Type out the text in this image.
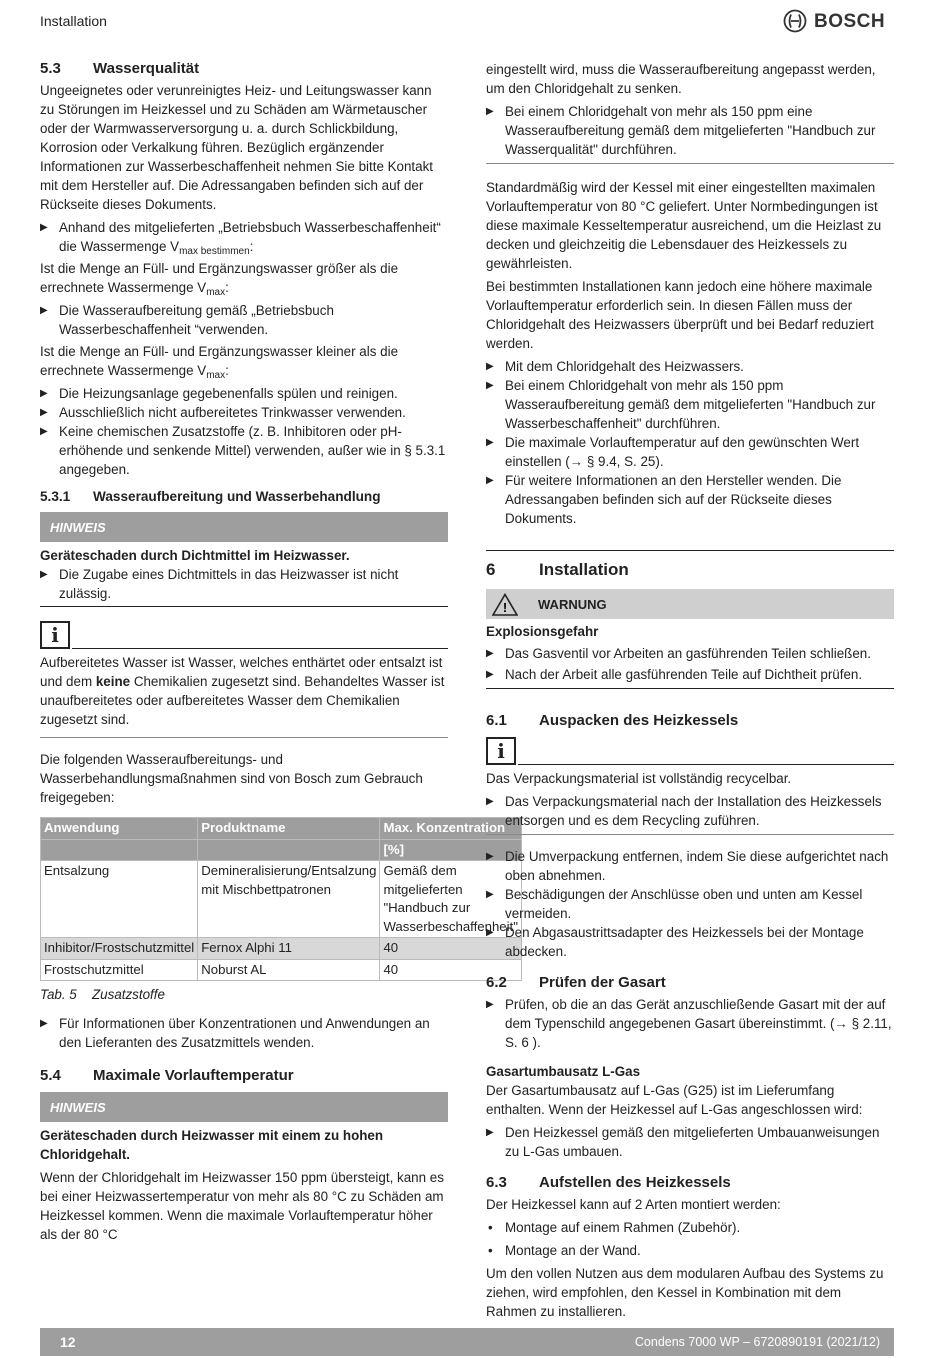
Installation	BOSCH
5.3	Wasserqualität

Ungeeignetes oder verunreinigtes Heiz- und Leitungswasser kann zu Störungen im Heizkessel und zu Schäden am Wärmetauscher oder der Warmwasserversorgung u. a. durch Schlickbildung, Korrosion oder Verkalkung führen. Bezüglich ergänzender Informationen zur Wasserbeschaffenheit nehmen Sie bitte Kontakt mit dem Hersteller auf. Die Adressangaben befinden sich auf der Rückseite dieses Dokuments.

▶ Anhand des mitgelieferten „Betriebsbuch Wasserbeschaffenheit“ die Wassermenge $V_{max bestimmen}$:

Ist die Menge an Füll- und Ergänzungswasser größer als die errechnete Wassermenge $V_{max}$:

▶ Die Wasseraufbereitung gemäß „Betriebsbuch Wasserbeschaffenheit “verwenden.

Ist die Menge an Füll- und Ergänzungswasser kleiner als die errechnete Wassermenge $V_{max}$:

▶ Die Heizungsanlage gegebenenfalls spülen und reinigen.
▶ Ausschließlich nicht aufbereitetes Trinkwasser verwenden.
▶ Keine chemischen Zusatzstoffe (z. B. Inhibitoren oder pH-erhöhende und senkende Mittel) verwenden, außer wie in § 5.3.1 angegeben.
5.3.1	Wasseraufbereitung und Wasserbehandlung
HINWEIS
Geräteschaden durch Dichtmittel im Heizwasser.
▶ Die Zugabe eines Dichtmittels in das Heizwasser ist nicht zulässig.
i

Aufbereitetes Wasser ist Wasser, welches enthärtet oder entsalzt ist und dem keine Chemikalien zugesetzt sind. Behandeltes Wasser ist unaufbereitetes oder aufbereitetes Wasser dem Chemikalien zugesetzt sind.

Die folgenden Wasseraufbereitungs- und Wasserbehandlungsmaßnahmen sind von Bosch zum Gebrauch freigegeben:

Anwendung	Produktname	Max. Konzentration
		[%]
Entsalzung	Demineralisierung/Entsalzung mit Mischbettpatronen	Gemäß dem mitgelieferten "Handbuch zur Wasserbeschaffenheit"
Inhibitor/Frostschutzmittel	Fernox Alphi 11	40
Frostschutzmittel	Noburst AL	40
Tab. 5	Zusatzstoffe
▶ Für Informationen über Konzentrationen und Anwendungen an den Lieferanten des Zusatzmittels wenden.
5.4	Maximale Vorlauftemperatur
HINWEIS
Geräteschaden durch Heizwasser mit einem zu hohen Chloridgehalt.

Wenn der Chloridgehalt im Heizwasser 150 ppm übersteigt, kann es bei einer Heizwassertemperatur von mehr als 80 °C zu Schäden am Heizkessel kommen. Wenn die maximale Vorlauftemperatur höher als der 80 °C

eingestellt wird, muss die Wasseraufbereitung angepasst werden, um den Chloridgehalt zu senken.

▶ Bei einem Chloridgehalt von mehr als 150 ppm eine Wasseraufbereitung gemäß dem mitgelieferten "Handbuch zur Wasserqualität" durchführen.

Standardmäßig wird der Kessel mit einer eingestellten maximalen Vorlauftemperatur von 80 °C geliefert. Unter Normbedingungen ist diese maximale Kesseltemperatur ausreichend, um die Heizlast zu decken und gleichzeitig die Lebensdauer des Heizkessels zu gewährleisten.

Bei bestimmten Installationen kann jedoch eine höhere maximale Vorlauftemperatur erforderlich sein. In diesen Fällen muss der Chloridgehalt des Heizwassers überprüft und bei Bedarf reduziert werden.

▶ Mit dem Chloridgehalt des Heizwassers.
▶ Bei einem Chloridgehalt von mehr als 150 ppm Wasseraufbereitung gemäß dem mitgelieferten "Handbuch zur Wasserbeschaffenheit" durchführen.
▶ Die maximale Vorlauftemperatur auf den gewünschten Wert einstellen (→ § 9.4, S. 25).
▶ Für weitere Informationen an den Hersteller wenden. Die Adressangaben befinden sich auf der Rückseite dieses Dokuments.
6	Installation
! WARNUNG
Explosionsgefahr
▶ Das Gasventil vor Arbeiten an gasführenden Teilen schließen.
▶ Nach der Arbeit alle gasführenden Teile auf Dichtheit prüfen.
6.1	Auspacken des Heizkessels
i

Das Verpackungsmaterial ist vollständig recycelbar.

▶ Das Verpackungsmaterial nach der Installation des Heizkessels entsorgen und es dem Recycling zuführen.
▶ Die Umverpackung entfernen, indem Sie diese aufgerichtet nach oben abnehmen.
▶ Beschädigungen der Anschlüsse oben und unten am Kessel vermeiden.
▶ Den Abgasaustrittsadapter des Heizkessels bei der Montage abdecken.
6.2	Prüfen der Gasart
▶ Prüfen, ob die an das Gerät anzuschließende Gasart mit der auf dem Typenschild angegebenen Gasart übereinstimmt. (→ § 2.11, S. 6 ).
Gasartumbausatz L-Gas

Der Gasartumbausatz auf L-Gas (G25) ist im Lieferumfang enthalten. Wenn der Heizkessel auf L-Gas angeschlossen wird:

▶ Den Heizkessel gemäß den mitgelieferten Umbauanweisungen zu L-Gas umbauen.
6.3	Aufstellen des Heizkessels

Der Heizkessel kann auf 2 Arten montiert werden:

• Montage auf einem Rahmen (Zubehör).
• Montage an der Wand.

Um den vollen Nutzen aus dem modularen Aufbau des Systems zu ziehen, wird empfohlen, den Kessel in Kombination mit dem Rahmen zu installieren.

12	Condens 7000 WP – 6720890191 (2021/12)
